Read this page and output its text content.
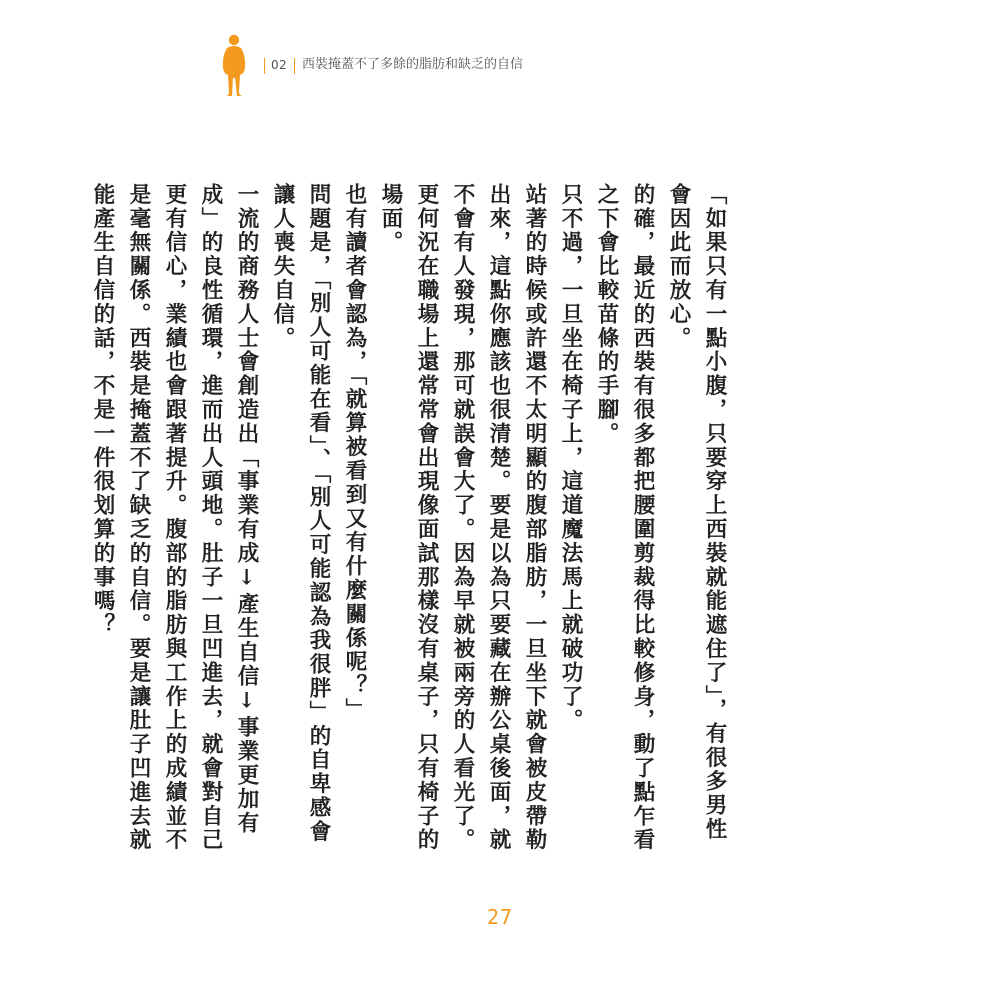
02 西裝掩蓋不了多餘的脂肪和缺乏的自信

「如果只有一點小腹，只要穿上西裝就能遮住了」，有很多男性會因此而放心。

的確，最近的西裝有很多都把腰圍剪裁得比較修身，動了點乍看之下會比較苗條的手腳。

只不過，一旦坐在椅子上，這道魔法馬上就破功了。

站著的時候或許還不太明顯的腹部脂肪，一旦坐下就會被皮帶勒出來，這點你應該也很清楚。要是以為只要藏在辦公桌後面，就不會有人發現，那可就誤會大了。因為早就被兩旁的人看光了。更何況在職場上還常常會出現像面試那樣沒有桌子，只有椅子的場面。

也有讀者會認為，「就算被看到又有什麼關係呢？」

問題是，「別人可能在看」、「別人可能認為我很胖」的自卑感會讓人喪失自信。

一流的商務人士會創造出「事業有成↓產生自信↓事業更加有成」的良性循環，進而出人頭地。肚子一旦凹進去，就會對自己更有信心，業績也會跟著提升。腹部的脂肪與工作上的成績並不是毫無關係。西裝是掩蓋不了缺乏的自信。要是讓肚子凹進去就能產生自信的話，不是一件很划算的事嗎？

27
